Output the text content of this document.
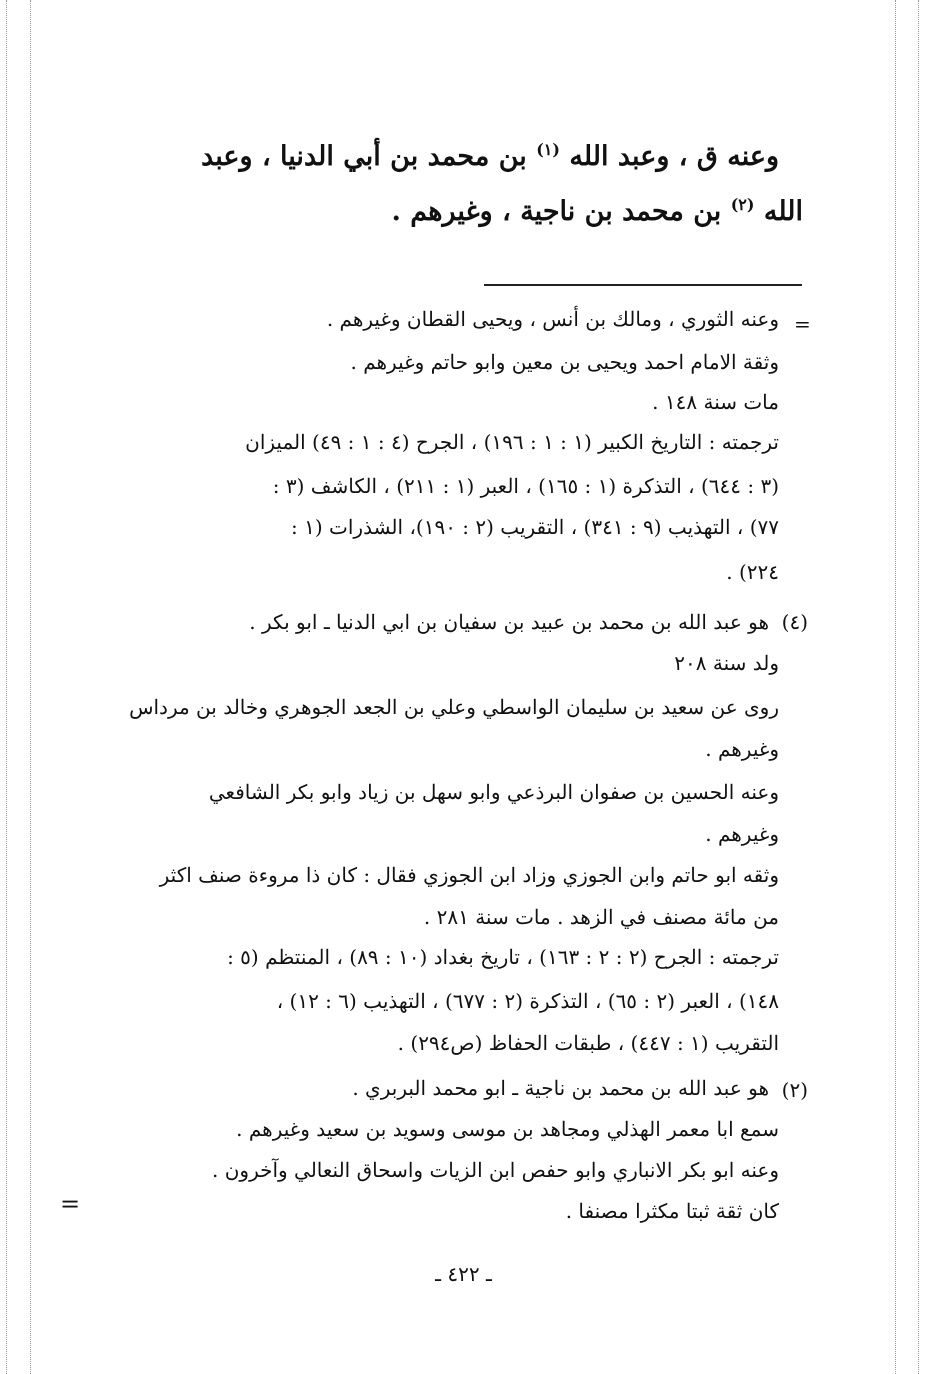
وعنه ق ، وعبد الله $^{(١)}$ بن محمد بن أبي الدنيا ، وعبد

الله $^{(٢)}$ بن محمد بن ناجية ، وغيرهم .

=

وعنه الثوري ، ومالك بن أنس ، ويحيى القطان وغيرهم .

وثقة الامام احمد ويحيى بن معين وابو حاتم وغيرهم .

مات سنة ١٤٨ .

ترجمته : التاريخ الكبير (١ : ١ : ١٩٦) ، الجرح (٤ : ١ : ٤٩) الميزان

(٣ : ٦٤٤) ، التذكرة (١ : ١٦٥) ، العبر (١ : ٢١١) ، الكاشف (٣ :

٧٧) ، التهذيب (٩ : ٣٤١) ، التقريب (٢ : ١٩٠)، الشذرات (١ :

٢٢٤) .

(٤)

هو عبد الله بن محمد بن عبيد بن سفيان بن ابي الدنيا ـ ابو بكر .

ولد سنة ٢٠٨

روى عن سعيد بن سليمان الواسطي وعلي بن الجعد الجوهري وخالد بن مرداس

وغيرهم .

وعنه الحسين بن صفوان البرذعي وابو سهل بن زياد وابو بكر الشافعي

وغيرهم .

وثقه ابو حاتم وابن الجوزي وزاد ابن الجوزي فقال : كان ذا مروءة صنف اكثر

من مائة مصنف في الزهد . مات سنة ٢٨١ .

ترجمته : الجرح (٢ : ٢ : ١٦٣) ، تاريخ بغداد (١٠ : ٨٩) ، المنتظم (٥ :

١٤٨) ، العبر (٢ : ٦٥) ، التذكرة (٢ : ٦٧٧) ، التهذيب (٦ : ١٢) ،

التقريب (١ : ٤٤٧) ، طبقات الحفاظ (ص٢٩٤) .

(٢)

هو عبد الله بن محمد بن ناجية ـ ابو محمد البربري .

سمع ابا معمر الهذلي ومجاهد بن موسى وسويد بن سعيد وغيرهم .

وعنه ابو بكر الانباري وابو حفص ابن الزيات واسحاق النعالي وآخرون .

كان ثقة ثبتا مكثرا مصنفا .

=
ـ ٤٢٢ ـ
